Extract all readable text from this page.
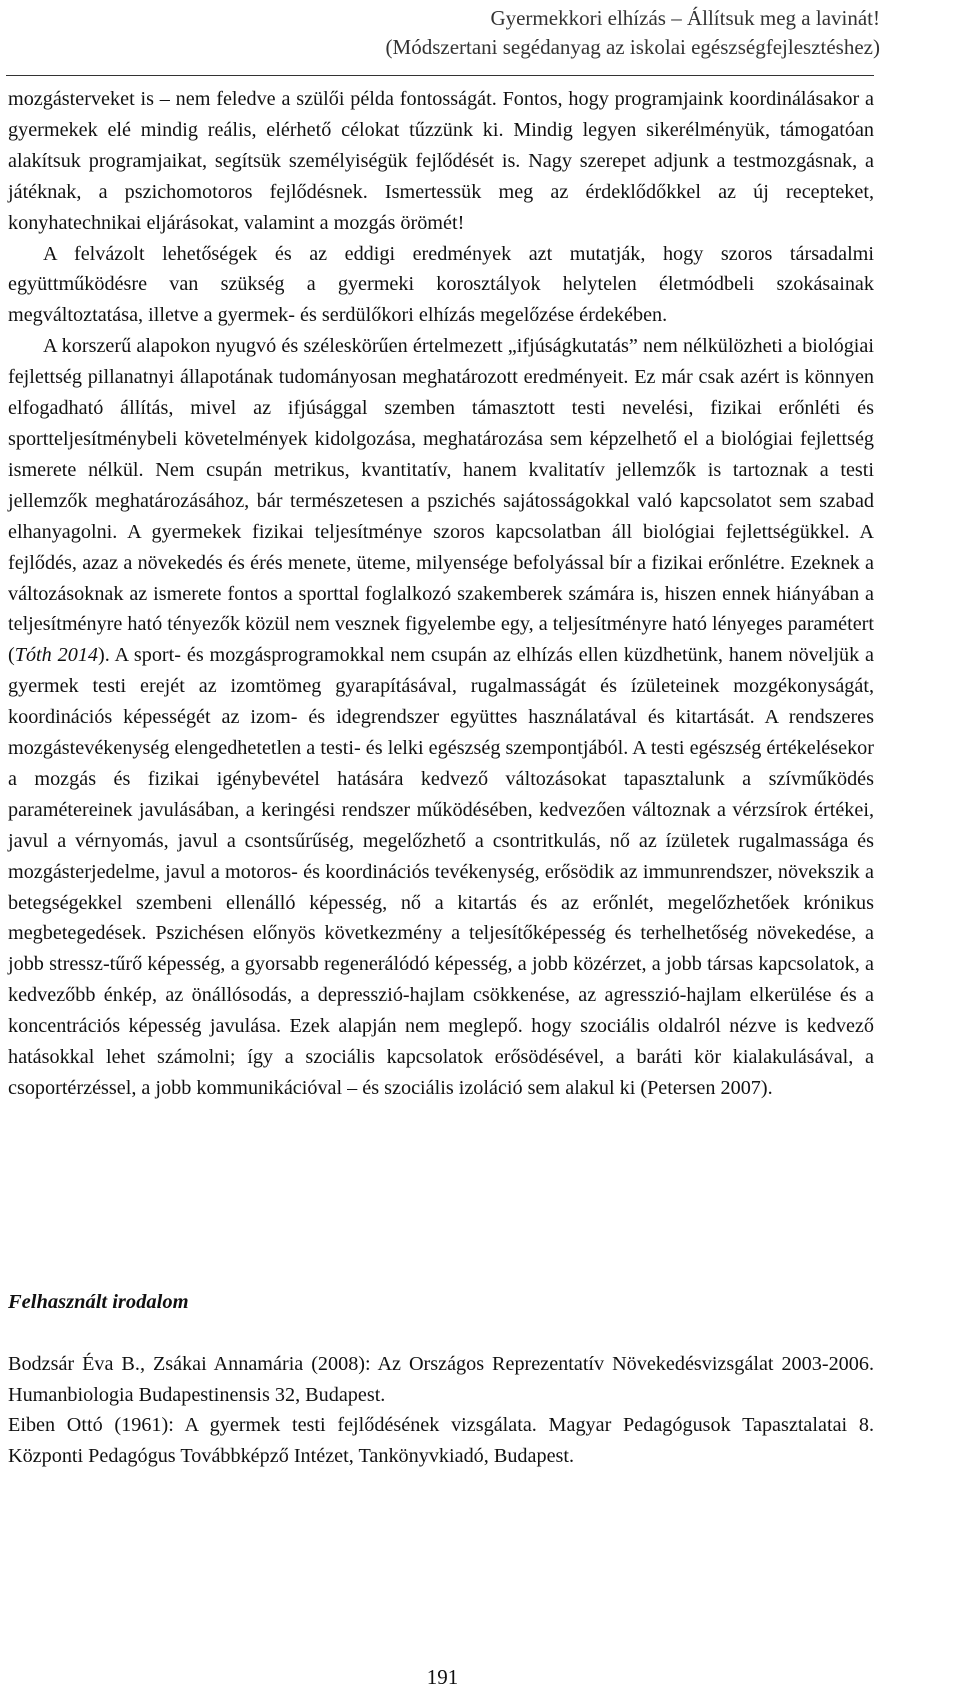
Gyermekkori elhízás – Állítsuk meg a lavinát!
(Módszertani segédanyag az iskolai egészségfejlesztéshez)

mozgásterveket is – nem feledve a szülői példa fontosságát. Fontos, hogy programjaink koordinálásakor a gyermekek elé mindig reális, elérhető célokat tűzzünk ki. Mindig legyen sikerélményük, támogatóan alakítsuk programjaikat, segítsük személyiségük fejlődését is. Nagy szerepet adjunk a testmozgásnak, a játéknak, a pszichomotoros fejlődésnek. Ismertessük meg az érdeklődőkkel az új recepteket, konyhatechnikai eljárásokat, valamint a mozgás örömét!

A felvázolt lehetőségek és az eddigi eredmények azt mutatják, hogy szoros társadalmi együttműködésre van szükség a gyermeki korosztályok helytelen életmódbeli szokásainak megváltoztatása, illetve a gyermek- és serdülőkori elhízás megelőzése érdekében.

A korszerű alapokon nyugvó és széleskörűen értelmezett „ifjúságkutatás” nem nélkülözheti a biológiai fejlettség pillanatnyi állapotának tudományosan meghatározott eredményeit. Ez már csak azért is könnyen elfogadható állítás, mivel az ifjúsággal szemben támasztott testi nevelési, fizikai erőnléti és sportteljesítménybeli követelmények kidolgozása, meghatározása sem képzelhető el a biológiai fejlettség ismerete nélkül. Nem csupán metrikus, kvantitatív, hanem kvalitatív jellemzők is tartoznak a testi jellemzők meghatározásához, bár természetesen a pszichés sajátosságokkal való kapcsolatot sem szabad elhanyagolni. A gyermekek fizikai teljesítménye szoros kapcsolatban áll biológiai fejlettségükkel. A fejlődés, azaz a növekedés és érés menete, üteme, milyensége befolyással bír a fizikai erőnlétre. Ezeknek a változásoknak az ismerete fontos a sporttal foglalkozó szakemberek számára is, hiszen ennek hiányában a teljesítményre ható tényezők közül nem vesznek figyelembe egy, a teljesítményre ható lényeges paramétert (Tóth 2014). A sport- és mozgásprogramokkal nem csupán az elhízás ellen küzdhetünk, hanem növeljük a gyermek testi erejét az izomtömeg gyarapításával, rugalmasságát és ízületeinek mozgékonyságát, koordinációs képességét az izom- és idegrendszer együttes használatával és kitartását. A rendszeres mozgástevékenység elengedhetetlen a testi- és lelki egészség szempontjából. A testi egészség értékelésekor a mozgás és fizikai igénybevétel hatására kedvező változásokat tapasztalunk a szívműködés paramétereinek javulásában, a keringési rendszer működésében, kedvezően változnak a vérzsírok értékei, javul a vérnyomás, javul a csontsűrűség, megelőzhető a csontritkulás, nő az ízületek rugalmassága és mozgásterjedelme, javul a motoros- és koordinációs tevékenység, erősödik az immunrendszer, növekszik a betegségekkel szembeni ellenálló képesség, nő a kitartás és az erőnlét, megelőzhetőek krónikus megbetegedések. Pszichésen előnyös következmény a teljesítőképesség és terhelhetőség növekedése, a jobb stressz-tűrő képesség, a gyorsabb regenerálódó képesség, a jobb közérzet, a jobb társas kapcsolatok, a kedvezőbb énkép, az önállósodás, a depresszió-hajlam csökkenése, az agresszió-hajlam elkerülése és a koncentrációs képesség javulása. Ezek alapján nem meglepő. hogy szociális oldalról nézve is kedvező hatásokkal lehet számolni; így a szociális kapcsolatok erősödésével, a baráti kör kialakulásával, a csoportérzéssel, a jobb kommunikációval – és szociális izoláció sem alakul ki (Petersen 2007).

Felhasznált irodalom

Bodzsár Éva B., Zsákai Annamária (2008): Az Országos Reprezentatív Növekedésvizsgálat 2003-2006. Humanbiologia Budapestinensis 32, Budapest.

Eiben Ottó (1961): A gyermek testi fejlődésének vizsgálata. Magyar Pedagógusok Tapasztalatai 8. Központi Pedagógus Továbbképző Intézet, Tankönyvkiadó, Budapest.

191
